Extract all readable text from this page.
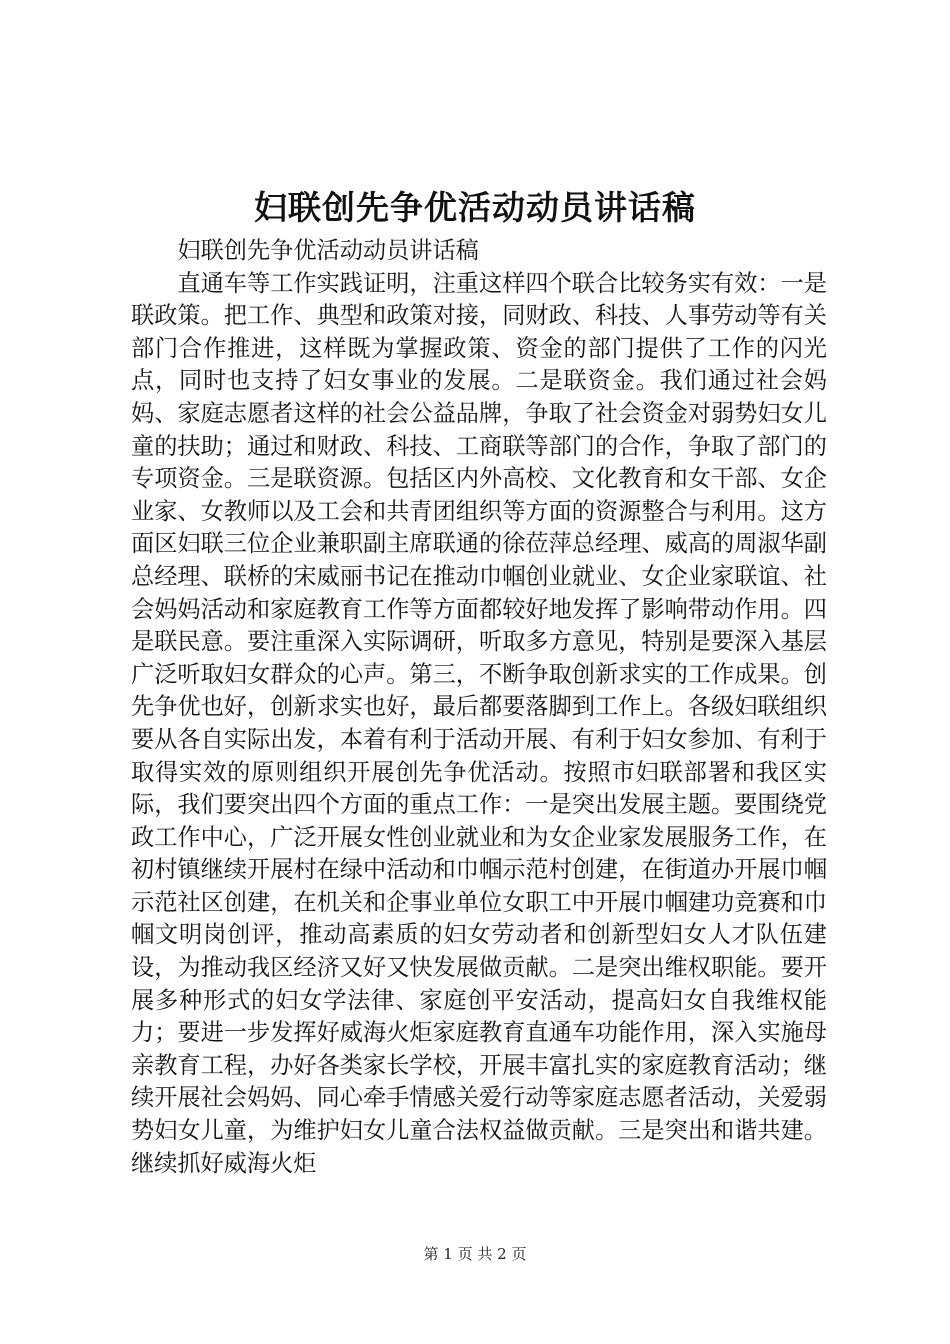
妇联创先争优活动动员讲话稿

妇联创先争优活动动员讲话稿

直通车等工作实践证明，注重这样四个联合比较务实有效：一是联政策。把工作、典型和政策对接，同财政、科技、人事劳动等有关部门合作推进，这样既为掌握政策、资金的部门提供了工作的闪光点，同时也支持了妇女事业的发展。二是联资金。我们通过社会妈妈、家庭志愿者这样的社会公益品牌，争取了社会资金对弱势妇女儿童的扶助；通过和财政、科技、工商联等部门的合作，争取了部门的专项资金。三是联资源。包括区内外高校、文化教育和女干部、女企业家、女教师以及工会和共青团组织等方面的资源整合与利用。这方面区妇联三位企业兼职副主席联通的徐莅萍总经理、威高的周淑华副总经理、联桥的宋威丽书记在推动巾帼创业就业、女企业家联谊、社会妈妈活动和家庭教育工作等方面都较好地发挥了影响带动作用。四是联民意。要注重深入实际调研，听取多方意见，特别是要深入基层广泛听取妇女群众的心声。第三，不断争取创新求实的工作成果。创先争优也好，创新求实也好，最后都要落脚到工作上。各级妇联组织要从各自实际出发，本着有利于活动开展、有利于妇女参加、有利于取得实效的原则组织开展创先争优活动。按照市妇联部署和我区实际，我们要突出四个方面的重点工作：一是突出发展主题。要围绕党政工作中心，广泛开展女性创业就业和为女企业家发展服务工作，在初村镇继续开展村在绿中活动和巾帼示范村创建，在街道办开展巾帼示范社区创建，在机关和企事业单位女职工中开展巾帼建功竞赛和巾帼文明岗创评，推动高素质的妇女劳动者和创新型妇女人才队伍建设，为推动我区经济又好又快发展做贡献。二是突出维权职能。要开展多种形式的妇女学法律、家庭创平安活动，提高妇女自我维权能力；要进一步发挥好威海火炬家庭教育直通车功能作用，深入实施母亲教育工程，办好各类家长学校，开展丰富扎实的家庭教育活动；继续开展社会妈妈、同心牵手情感关爱行动等家庭志愿者活动，关爱弱势妇女儿童，为维护妇女儿童合法权益做贡献。三是突出和谐共建。继续抓好威海火炬

第 1 页 共 2 页
